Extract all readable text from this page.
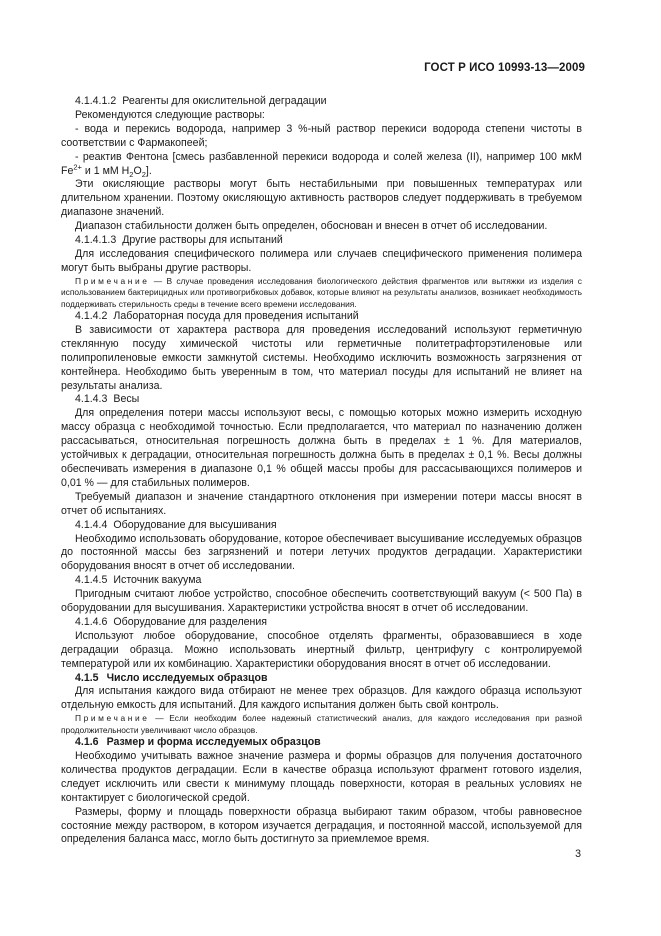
ГОСТ Р ИСО 10993-13—2009

4.1.4.1.2 Реагенты для окислительной деградации

Рекомендуются следующие растворы:

- вода и перекись водорода, например 3 %-ный раствор перекиси водорода степени чистоты в соответствии с Фармакопеей;

- реактив Фентона [смесь разбавленной перекиси водорода и солей железа (II), например 100 мкМ $Fe^{2+}$ и 1 мМ $H_2O_2$].

Эти окисляющие растворы могут быть нестабильными при повышенных температурах или длительном хранении. Поэтому окисляющую активность растворов следует поддерживать в требуемом диапазоне значений.

Диапазон стабильности должен быть определен, обоснован и внесен в отчет об исследовании.

4.1.4.1.3 Другие растворы для испытаний

Для исследования специфического полимера или случаев специфического применения полимера могут быть выбраны другие растворы.

Примечание — В случае проведения исследования биологического действия фрагментов или вытяжки из изделия с использованием бактерицидных или противогрибковых добавок, которые влияют на результаты анализов, возникает необходимость поддерживать стерильность среды в течение всего времени исследования.

4.1.4.2 Лабораторная посуда для проведения испытаний

В зависимости от характера раствора для проведения исследований используют герметичную стеклянную посуду химической чистоты или герметичные политетрафторэтиленовые или полипропиленовые емкости замкнутой системы. Необходимо исключить возможность загрязнения от контейнера. Необходимо быть уверенным в том, что материал посуды для испытаний не влияет на результаты анализа.

4.1.4.3 Весы

Для определения потери массы используют весы, с помощью которых можно измерить исходную массу образца с необходимой точностью. Если предполагается, что материал по назначению должен рассасываться, относительная погрешность должна быть в пределах ± 1 %. Для материалов, устойчивых к деградации, относительная погрешность должна быть в пределах ± 0,1 %. Весы должны обеспечивать измерения в диапазоне 0,1 % общей массы пробы для рассасывающихся полимеров и 0,01 % — для стабильных полимеров.

Требуемый диапазон и значение стандартного отклонения при измерении потери массы вносят в отчет об испытаниях.

4.1.4.4 Оборудование для высушивания

Необходимо использовать оборудование, которое обеспечивает высушивание исследуемых образцов до постоянной массы без загрязнений и потери летучих продуктов деградации. Характеристики оборудования вносят в отчет об исследовании.

4.1.4.5 Источник вакуума

Пригодным считают любое устройство, способное обеспечить соответствующий вакуум (< 500 Па) в оборудовании для высушивания. Характеристики устройства вносят в отчет об исследовании.

4.1.4.6 Оборудование для разделения

Используют любое оборудование, способное отделять фрагменты, образовавшиеся в ходе деградации образца. Можно использовать инертный фильтр, центрифугу с контролируемой температурой или их комбинацию. Характеристики оборудования вносят в отчет об исследовании.

4.1.5 Число исследуемых образцов

Для испытания каждого вида отбирают не менее трех образцов. Для каждого образца используют отдельную емкость для испытаний. Для каждого испытания должен быть свой контроль.

Примечание — Если необходим более надежный статистический анализ, для каждого исследования при разной продолжительности увеличивают число образцов.

4.1.6 Размер и форма исследуемых образцов

Необходимо учитывать важное значение размера и формы образцов для получения достаточного количества продуктов деградации. Если в качестве образца используют фрагмент готового изделия, следует исключить или свести к минимуму площадь поверхности, которая в реальных условиях не контактирует с биологической средой.

Размеры, форму и площадь поверхности образца выбирают таким образом, чтобы равновесное состояние между раствором, в котором изучается деградация, и постоянной массой, используемой для определения баланса масс, могло быть достигнуто за приемлемое время.

3
